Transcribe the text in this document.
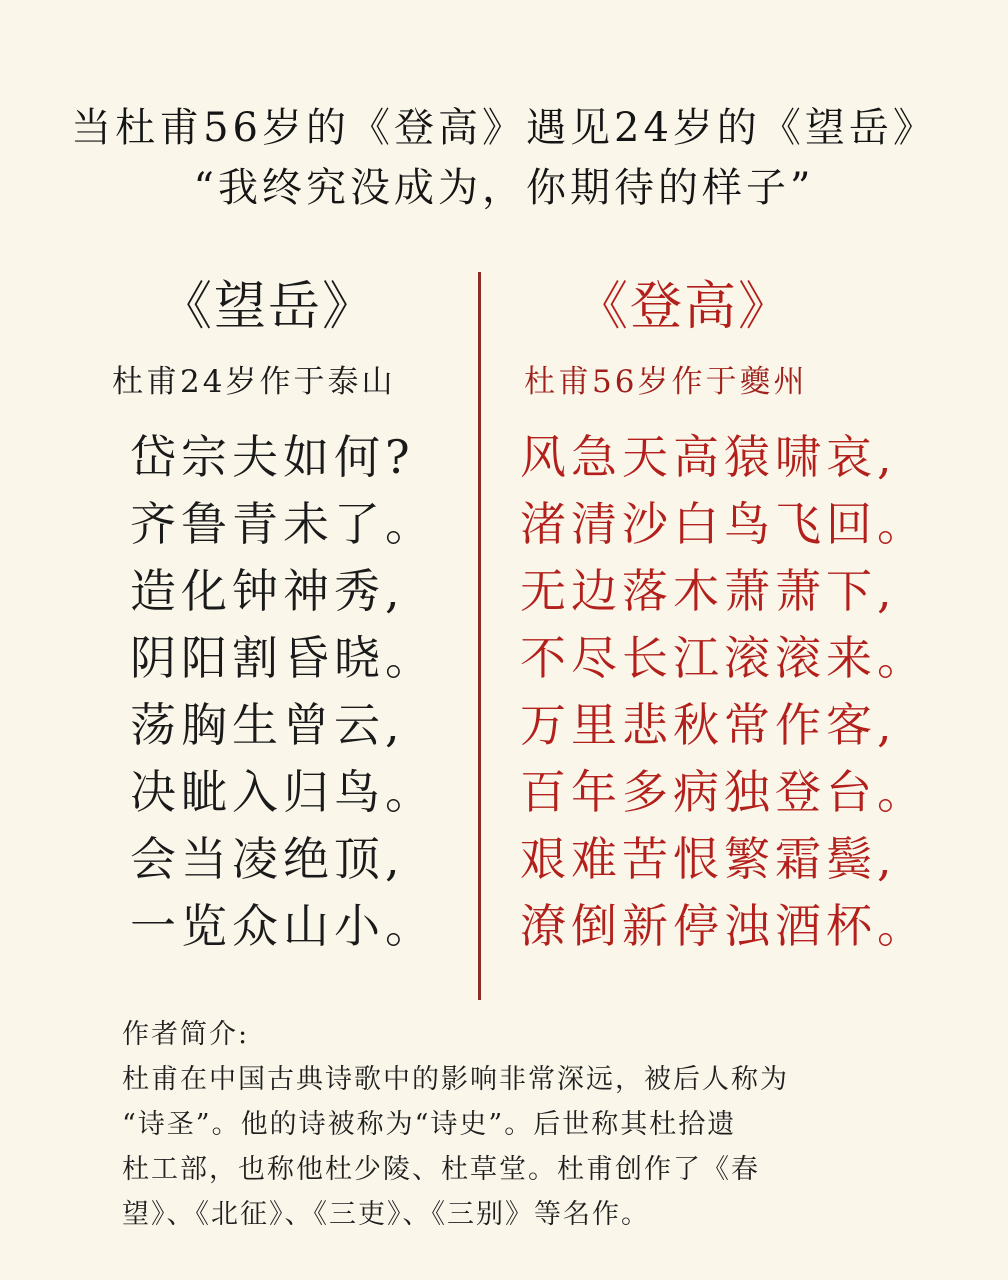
当杜甫56岁的《登高》遇见24岁的《望岳》
“我终究没成为，你期待的样子”
《望岳》
杜甫24岁作于泰山
岱宗夫如何?
齐鲁青未了。
造化钟神秀,
阴阳割昏晓。
荡胸生曾云,
决眦入归鸟。
会当凌绝顶,
一览众山小。
《登高》
杜甫56岁作于夔州
风急天高猿啸哀,
渚清沙白鸟飞回。
无边落木萧萧下,
不尽长江滚滚来。
万里悲秋常作客,
百年多病独登台。
艰难苦恨繁霜鬓,
潦倒新停浊酒杯。
作者简介:
杜甫在中国古典诗歌中的影响非常深远，被后人称为
“诗圣”。他的诗被称为“诗史”。后世称其杜拾遗
杜工部，也称他杜少陵、杜草堂。杜甫创作了《春
望》、《北征》、《三吏》、《三别》等名作。
